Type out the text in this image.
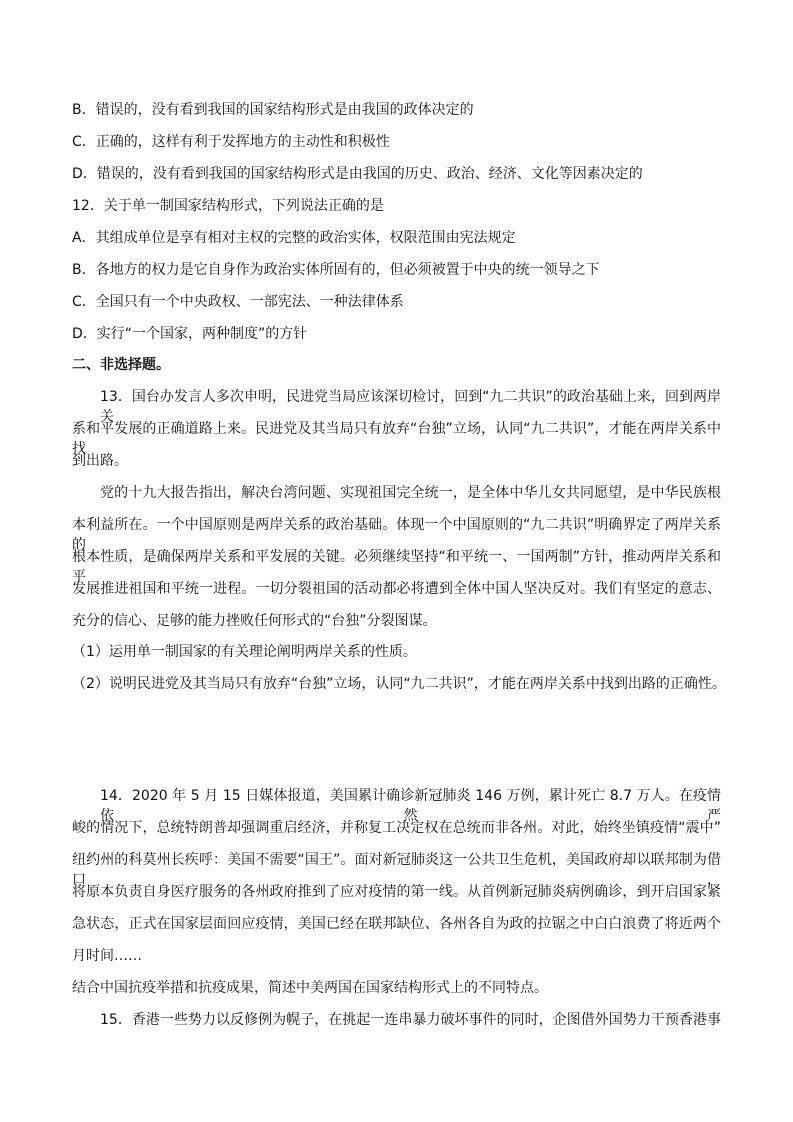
B．错误的，没有看到我国的国家结构形式是由我国的政体决定的
C．正确的，这样有利于发挥地方的主动性和积极性
D．错误的，没有看到我国的国家结构形式是由我国的历史、政治、经济、文化等因素决定的
12．关于单一制国家结构形式，下列说法正确的是
A．其组成单位是享有相对主权的完整的政治实体，权限范围由宪法规定
B．各地方的权力是它自身作为政治实体所固有的，但必须被置于中央的统一领导之下
C．全国只有一个中央政权、一部宪法、一种法律体系
D．实行“一个国家，两种制度”的方针
二、非选择题。
13．国台办发言人多次申明，民进党当局应该深切检讨，回到“九二共识”的政治基础上来，回到两岸关
系和平发展的正确道路上来。民进党及其当局只有放弃“台独”立场，认同“九二共识”，才能在两岸关系中找
到出路。
党的十九大报告指出，解决台湾问题、实现祖国完全统一，是全体中华儿女共同愿望，是中华民族根
本利益所在。一个中国原则是两岸关系的政治基础。体现一个中国原则的“九二共识”明确界定了两岸关系的
根本性质，是确保两岸关系和平发展的关键。必须继续坚持“和平统一、一国两制”方针，推动两岸关系和平
发展推进祖国和平统一进程。一切分裂祖国的活动都必将遭到全体中国人坚决反对。我们有坚定的意志、
充分的信心、足够的能力挫败任何形式的“台独”分裂图谋。
（1）运用单一制国家的有关理论阐明两岸关系的性质。
（2）说明民进党及其当局只有放弃“台独”立场，认同“九二共识”，才能在两岸关系中找到出路的正确性。
14．2020 年 5 月 15 日媒体报道，美国累计确诊新冠肺炎 146 万例，累计死亡 8.7 万人。在疫情依然严
峻的情况下，总统特朗普却强调重启经济，并称复工决定权在总统而非各州。对此，始终坐镇疫情“震中”
纽约州的科莫州长疾呼：美国不需要“国王”。面对新冠肺炎这一公共卫生危机，美国政府却以联邦制为借口，
将原本负责自身医疗服务的各州政府推到了应对疫情的第一线。从首例新冠肺炎病例确诊，到开启国家紧
急状态，正式在国家层面回应疫情，美国已经在联邦缺位、各州各自为政的拉锯之中白白浪费了将近两个
月时间……
结合中国抗疫举措和抗疫成果，简述中美两国在国家结构形式上的不同特点。
15．香港一些势力以反修例为幌子，在挑起一连串暴力破坏事件的同时，企图借外国势力干预香港事
